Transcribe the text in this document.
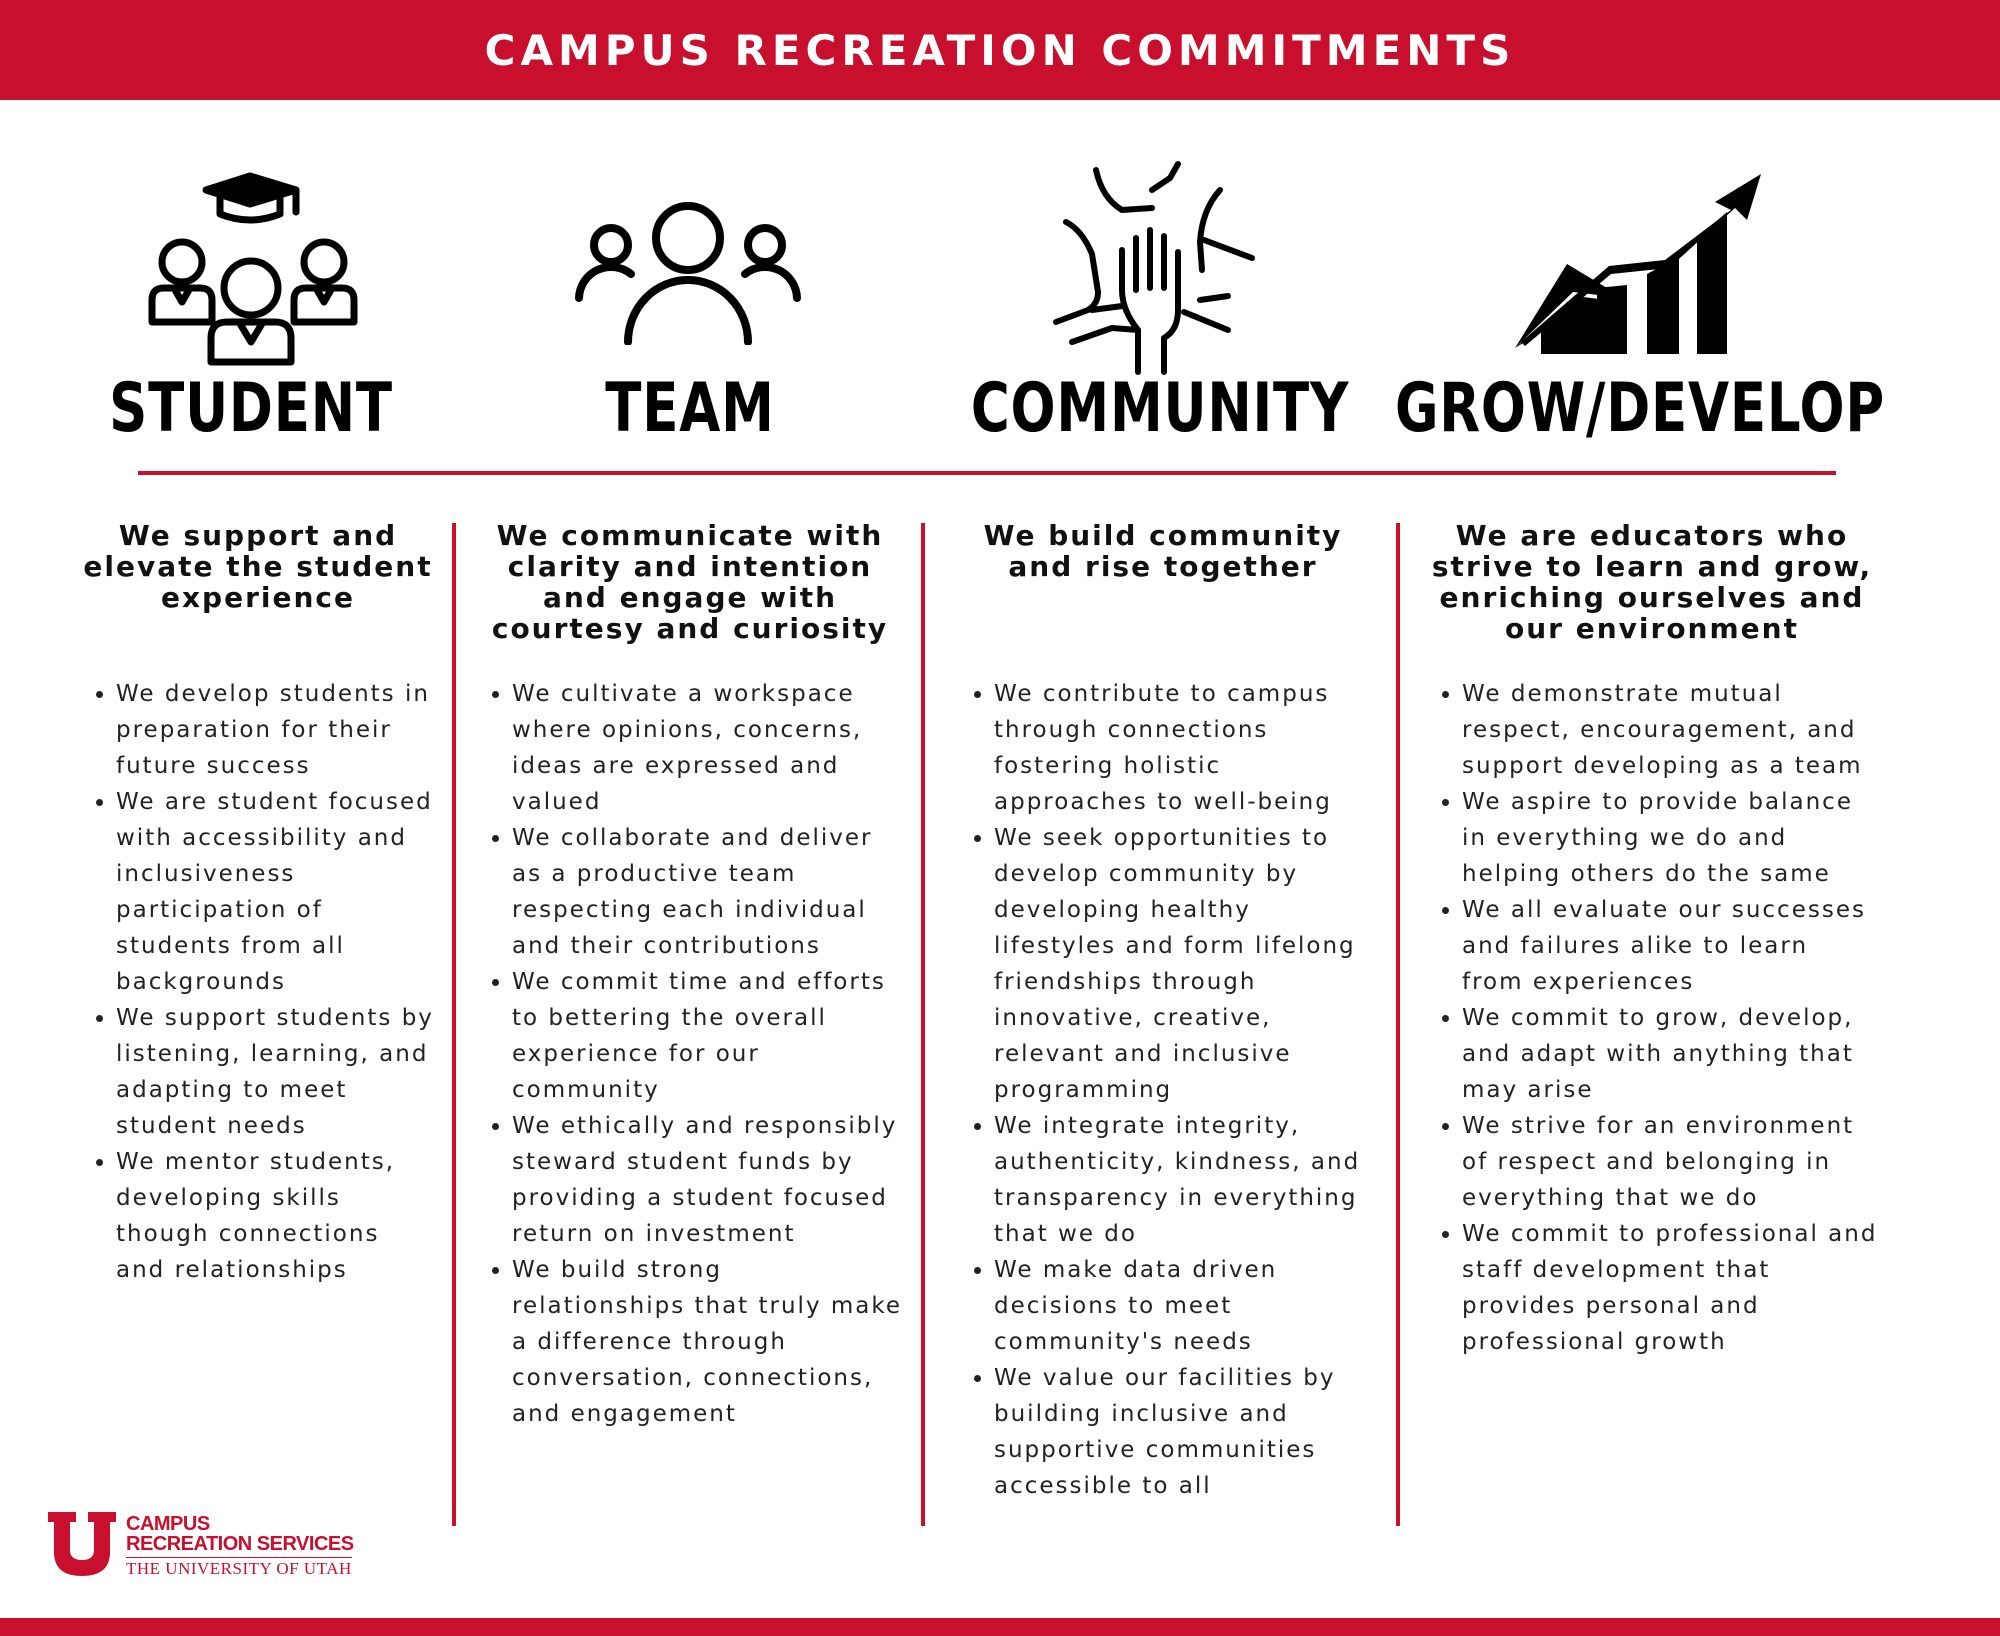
CAMPUS RECREATION COMMITMENTS
STUDENT	TEAM	COMMUNITY GROW/DEVELOP
We support and
elevate the student
experience
• We develop students in preparation for their future success
• We are student focused with accessibility and inclusiveness participation of students from all backgrounds
• We support students by listening, learning, and adapting to meet student needs
• We mentor students, developing skills though connections and relationships
We communicate with
clarity and intention
and engage with
courtesy and curiosity
• We cultivate a workspace where opinions, concerns, ideas are expressed and valued
• We collaborate and deliver as a productive team respecting each individual and their contributions
• We commit time and efforts to bettering the overall experience for our community
• We ethically and responsibly steward student funds by providing a student focused return on investment
• We build strong relationships that truly make a difference through conversation, connections, and engagement
We build community
and rise together
• We contribute to campus through connections fostering holistic approaches to well-being
• We seek opportunities to develop community by developing healthy lifestyles and form lifelong friendships through innovative, creative, relevant and inclusive programming
• We integrate integrity, authenticity, kindness, and transparency in everything that we do
• We make data driven decisions to meet community's needs
• We value our facilities by building inclusive and supportive communities accessible to all
We are educators who
strive to learn and grow,
enriching ourselves and
our environment
• We demonstrate mutual respect, encouragement, and support developing as a team
• We aspire to provide balance in everything we do and helping others do the same
• We all evaluate our successes and failures alike to learn from experiences
• We commit to grow, develop, and adapt with anything that may arise
• We strive for an environment of respect and belonging in everything that we do
• We commit to professional and staff development that provides personal and professional growth
CAMPUS
RECREATION SERVICES
THE UNIVERSITY OF UTAH
